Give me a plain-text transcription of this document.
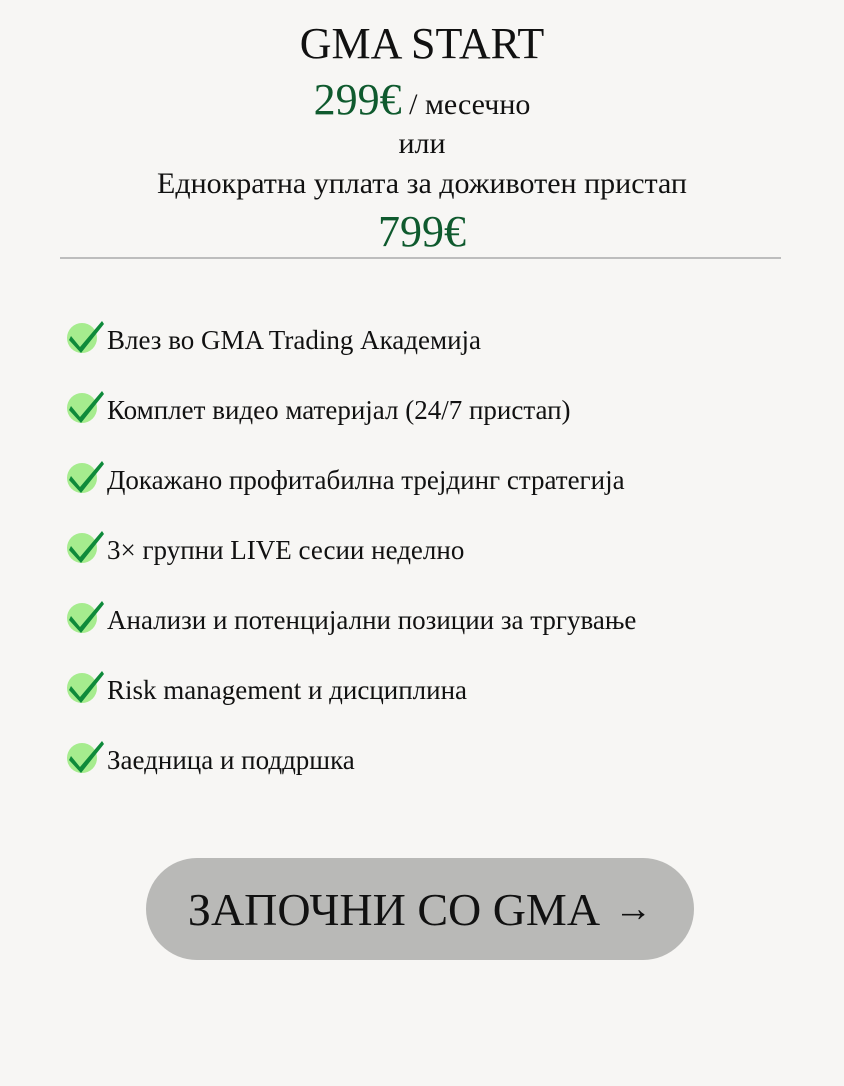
GMA START
299€ / месечно
или
Еднократна уплата за доживотен пристап
799€
Влез во GMA Trading Академија
Комплет видео материјал (24/7 пристап)
Докажано профитабилна трејдинг стратегија
3× групни LIVE сесии неделно
Анализи и потенцијални позиции за тргување
Risk management и дисциплина
Заедница и поддршка
ЗАПОЧНИ СО GMA →
